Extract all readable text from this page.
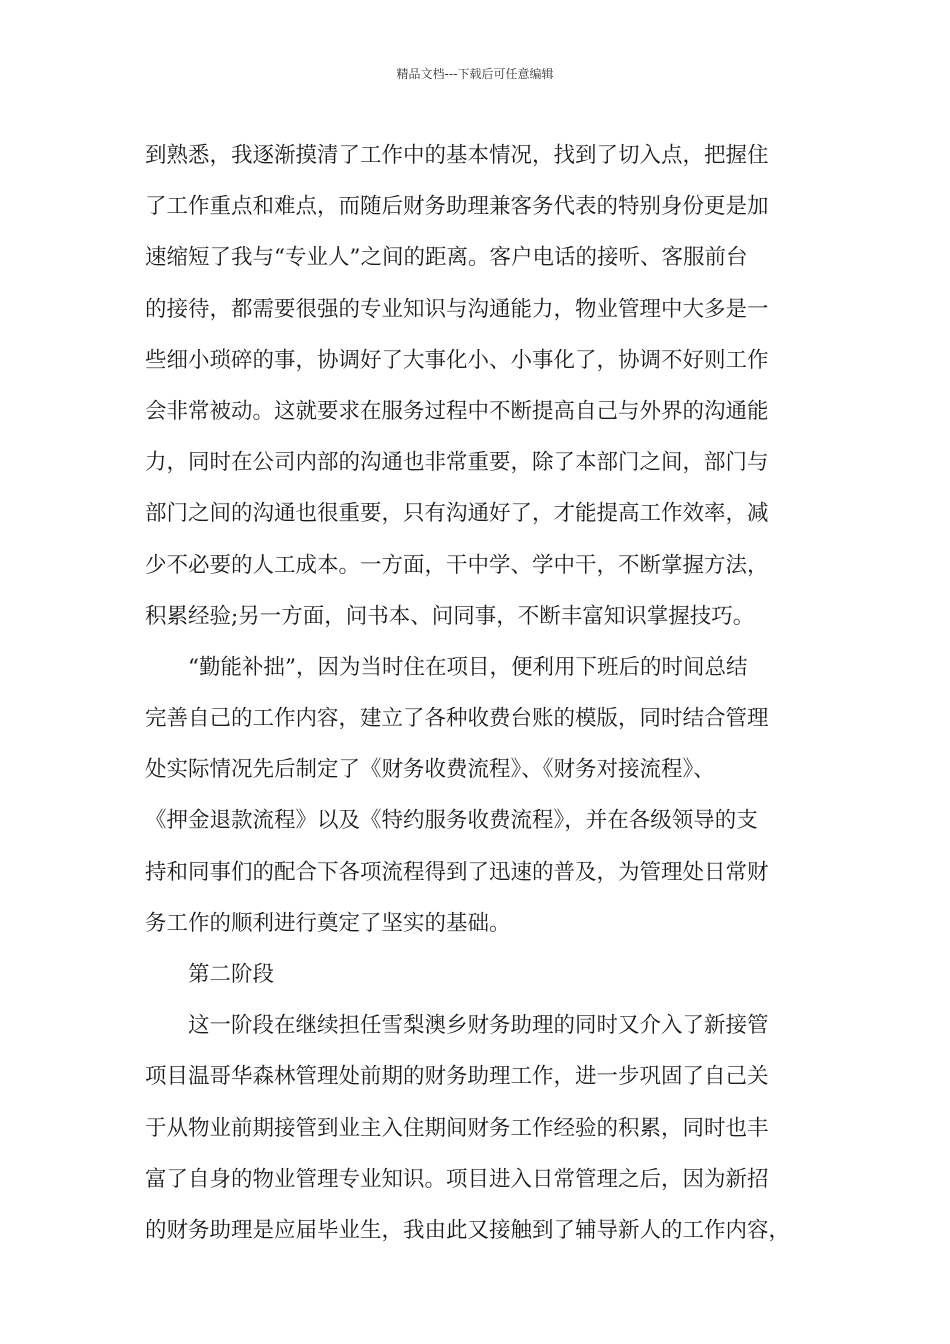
精品文档---下载后可任意编辑
到熟悉，我逐渐摸清了工作中的基本情况，找到了切入点，把握住
了工作重点和难点，而随后财务助理兼客务代表的特别身份更是加
速缩短了我与“专业人”之间的距离。客户电话的接听、客服前台
的接待，都需要很强的专业知识与沟通能力，物业管理中大多是一
些细小琐碎的事，协调好了大事化小、小事化了，协调不好则工作
会非常被动。这就要求在服务过程中不断提高自己与外界的沟通能
力，同时在公司内部的沟通也非常重要，除了本部门之间，部门与
部门之间的沟通也很重要，只有沟通好了，才能提高工作效率，减
少不必要的人工成本。一方面，干中学、学中干，不断掌握方法，
积累经验;另一方面，问书本、问同事，不断丰富知识掌握技巧。
“勤能补拙”，因为当时住在项目，便利用下班后的时间总结
完善自己的工作内容，建立了各种收费台账的模版，同时结合管理
处实际情况先后制定了《财务收费流程》、《财务对接流程》、
《押金退款流程》以及《特约服务收费流程》，并在各级领导的支
持和同事们的配合下各项流程得到了迅速的普及，为管理处日常财
务工作的顺利进行奠定了坚实的基础。
第二阶段
这一阶段在继续担任雪梨澳乡财务助理的同时又介入了新接管
项目温哥华森林管理处前期的财务助理工作，进一步巩固了自己关
于从物业前期接管到业主入住期间财务工作经验的积累，同时也丰
富了自身的物业管理专业知识。项目进入日常管理之后，因为新招
的财务助理是应届毕业生，我由此又接触到了辅导新人的工作内容，
